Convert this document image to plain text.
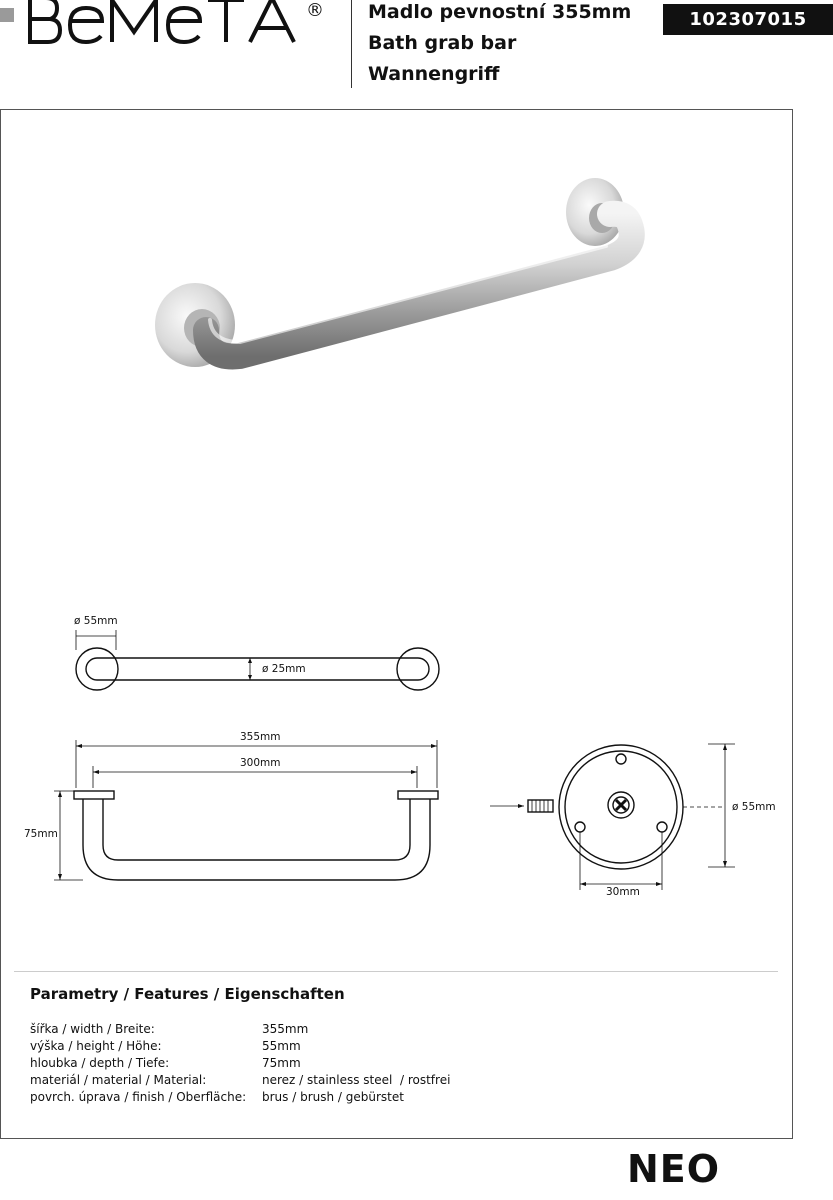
® Madlo pevnostní 355mm
Bath grab bar
Wannengriff
102307015
ø 55mm
ø 25mm
355mm
300mm
75mm
ø 55mm
30mm
Parametry / Features / Eigenschaften
šířka / width / Breite:	355mm
výška / height / Höhe:	55mm
hloubka / depth / Tiefe:	75mm
materiál / material / Material:	nerez / stainless steel  / rostfrei
povrch. úprava / finish / Oberfläche:	brus / brush / gebürstet
NEO
